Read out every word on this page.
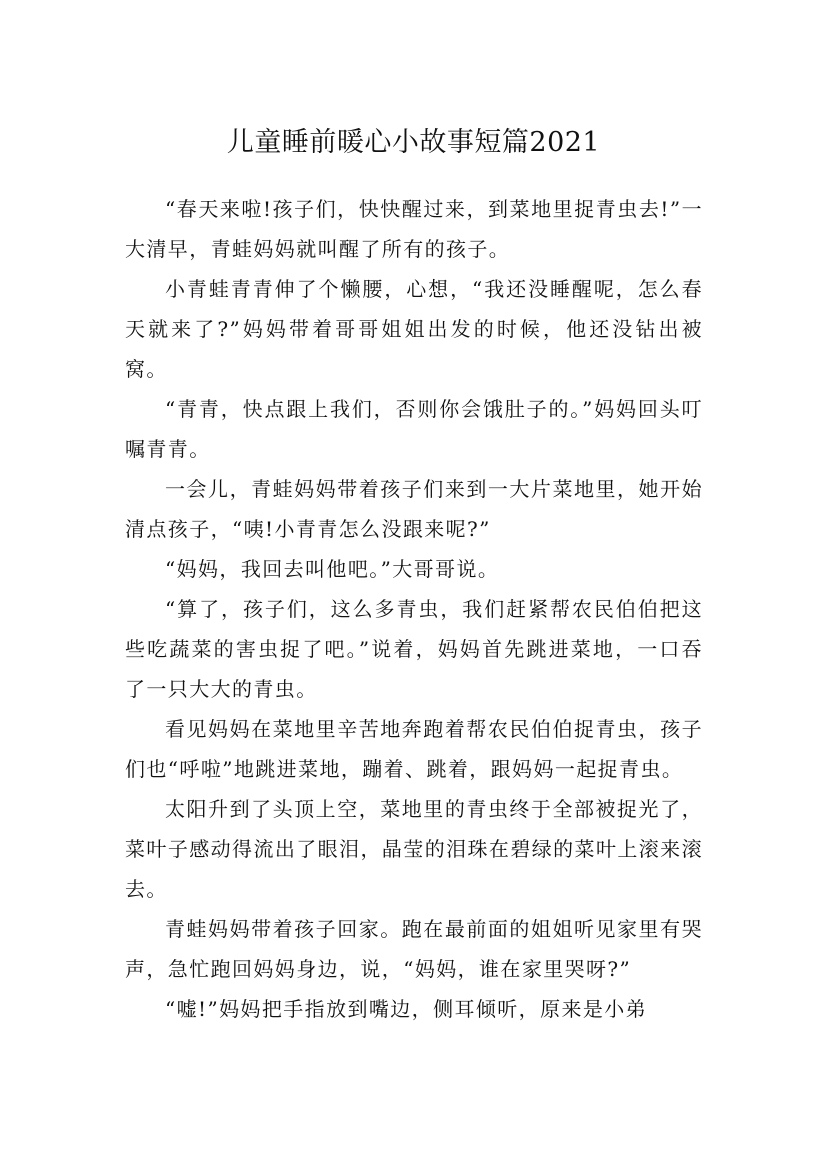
儿童睡前暖心小故事短篇2021

“春天来啦!孩子们，快快醒过来，到菜地里捉青虫去!”一大清早，青蛙妈妈就叫醒了所有的孩子。

小青蛙青青伸了个懒腰，心想，“我还没睡醒呢，怎么春天就来了?”妈妈带着哥哥姐姐出发的时候，他还没钻出被窝。

“青青，快点跟上我们，否则你会饿肚子的。”妈妈回头叮嘱青青。

一会儿，青蛙妈妈带着孩子们来到一大片菜地里，她开始清点孩子，“咦!小青青怎么没跟来呢?”

“妈妈，我回去叫他吧。”大哥哥说。

“算了，孩子们，这么多青虫，我们赶紧帮农民伯伯把这些吃蔬菜的害虫捉了吧。”说着，妈妈首先跳进菜地，一口吞了一只大大的青虫。

看见妈妈在菜地里辛苦地奔跑着帮农民伯伯捉青虫，孩子们也“呼啦”地跳进菜地，蹦着、跳着，跟妈妈一起捉青虫。

太阳升到了头顶上空，菜地里的青虫终于全部被捉光了，菜叶子感动得流出了眼泪，晶莹的泪珠在碧绿的菜叶上滚来滚去。

青蛙妈妈带着孩子回家。跑在最前面的姐姐听见家里有哭声，急忙跑回妈妈身边，说，“妈妈，谁在家里哭呀?”

“嘘!”妈妈把手指放到嘴边，侧耳倾听，原来是小弟
